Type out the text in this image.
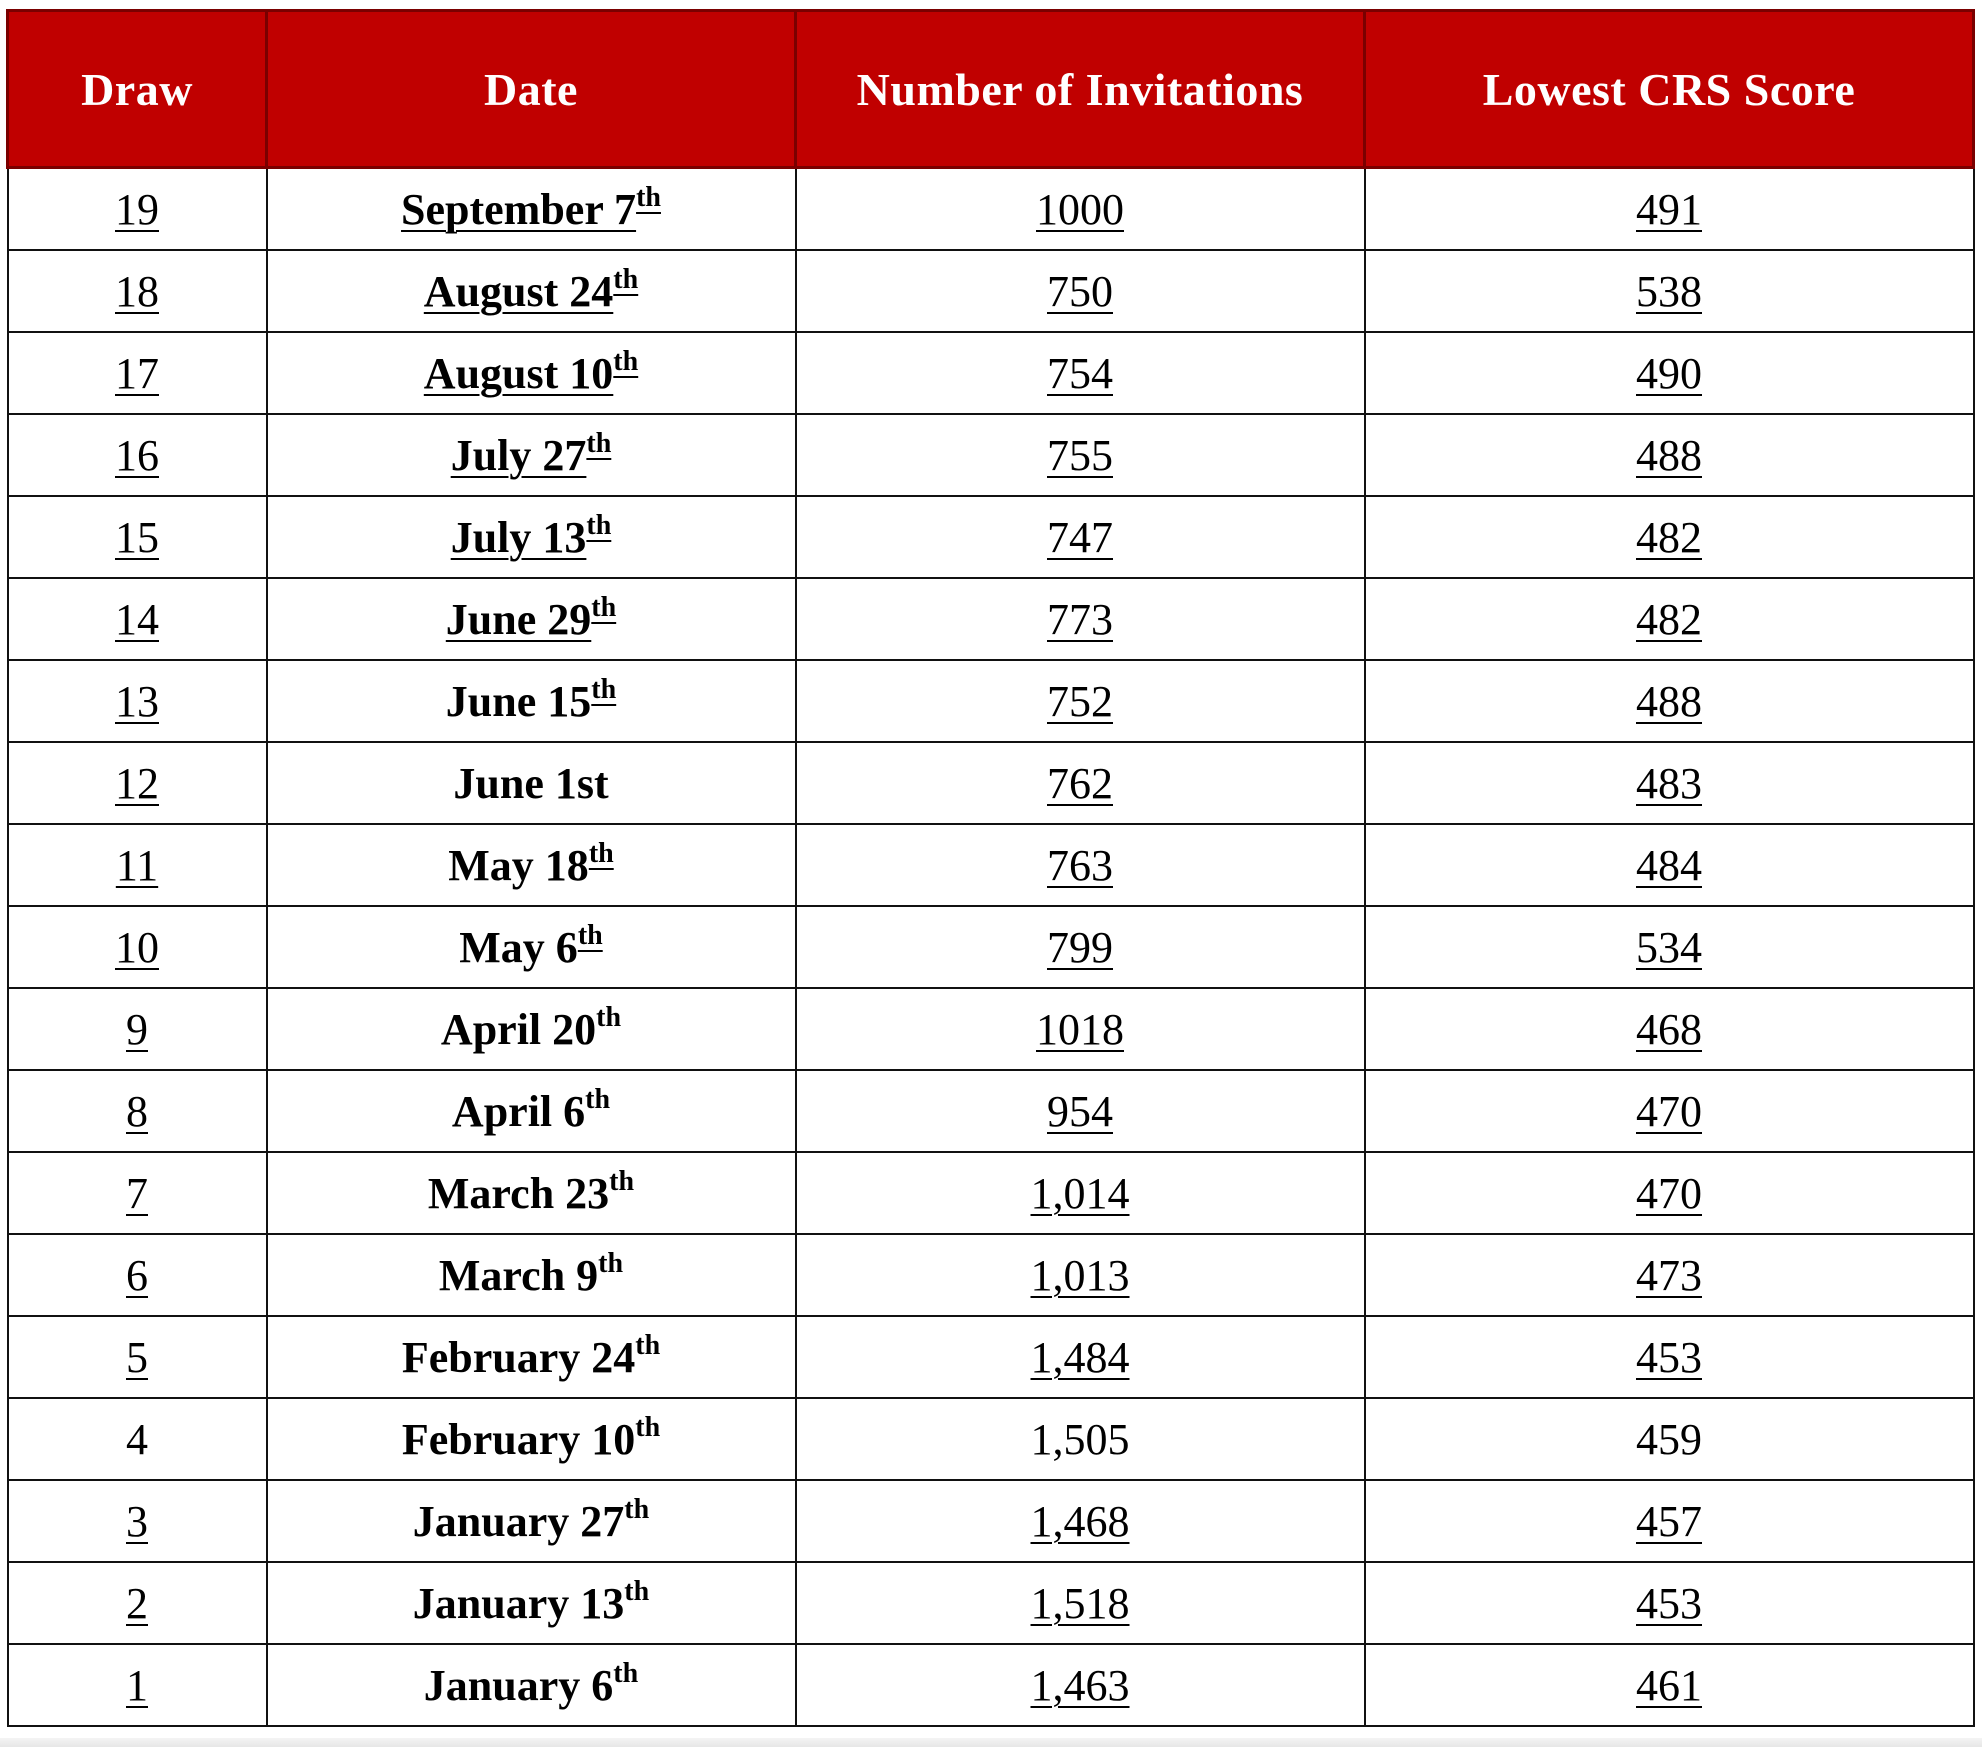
Draw	Date	Number of Invitations	Lowest CRS Score
19	September 7th	1000	491
18	August 24th	750	538
17	August 10th	754	490
16	July 27th	755	488
15	July 13th	747	482
14	June 29th	773	482
13	June 15th	752	488
12	June 1st	762	483
11	May 18th	763	484
10	May 6th	799	534
9	April 20th	1018	468
8	April 6th	954	470
7	March 23th	1,014	470
6	March 9th	1,013	473
5	February 24th	1,484	453
4	February 10th	1,505	459
3	January 27th	1,468	457
2	January 13th	1,518	453
1	January 6th	1,463	461
